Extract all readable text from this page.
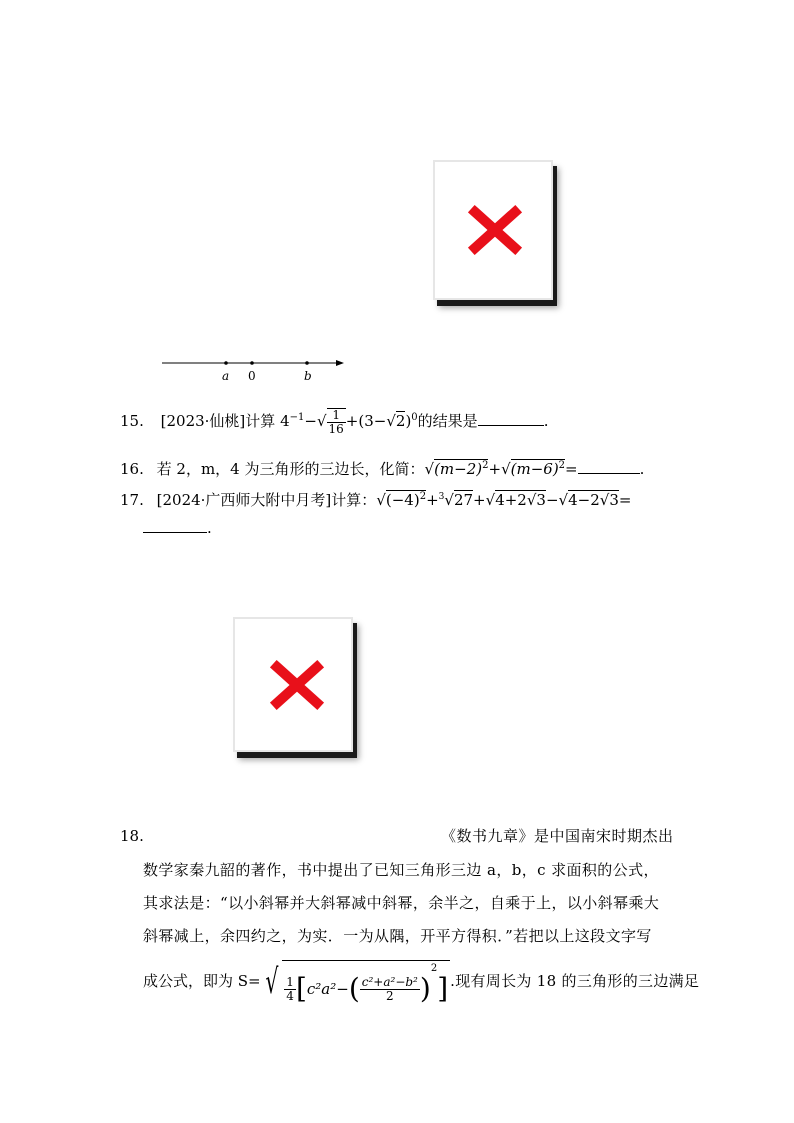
a 0	b
15. [2023·仙桃]计算 $4^{-1}-√ \frac{1}{16} +(3-√2)^0$的结果是	.
16. 若 2，m，4 为三角形的三边长，化简：$√(m-2)^2+√(m-6)^2=$	.
17. [2024·广西师大附中月考]计算：$√(-4)^2+^3√27+√4+2√3-√4-2√3=$
.
18.	《数书九章》是中国南宋时期杰出
数学家秦九韶的著作，书中提出了已知三角形三边 a，b，c 求面积的公式，
其求法是：“以小斜幂并大斜幂减中斜幂，余半之，自乘于上，以小斜幂乘大
斜幂减上，余四约之，为实．一为从隅，开平方得积．”若把以上这段文字写
成公式，即为 S= √ $\frac{1}{4} [c^2a^2-( \frac{\text{c²+a²−b²}}{2} )^2]$ .现有周长为 18 的三角形的三边满足
